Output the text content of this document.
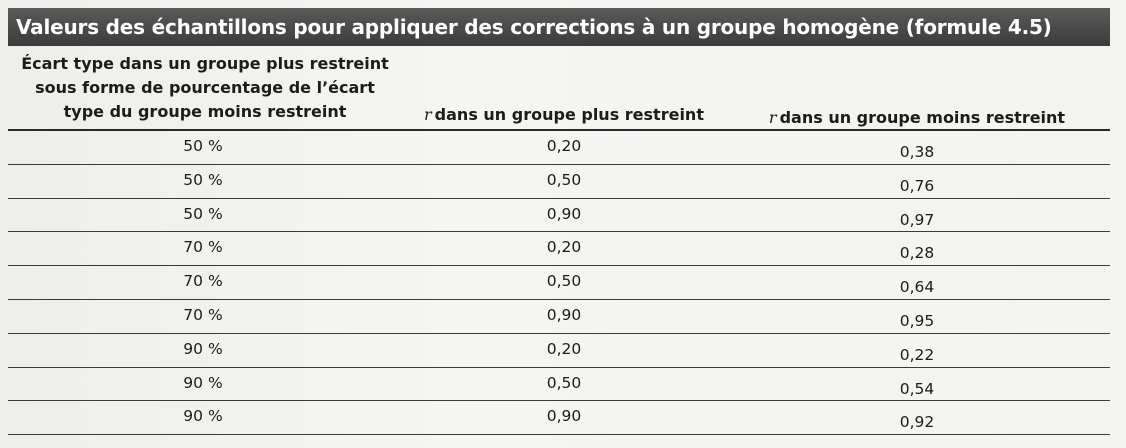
Valeurs des échantillons pour appliquer des corrections à un groupe homogène (formule 4.5)
Écart type dans un groupe plus restreint
sous forme de pourcentage de l’écart
type du groupe moins restreint	r dans un groupe plus restreint	r dans un groupe moins restreint
50 %	0,20	0,38
50 %	0,50	0,76
50 %	0,90	0,97
70 %	0,20	0,28
70 %	0,50	0,64
70 %	0,90	0,95
90 %	0,20	0,22
90 %	0,50	0,54
90 %	0,90	0,92
